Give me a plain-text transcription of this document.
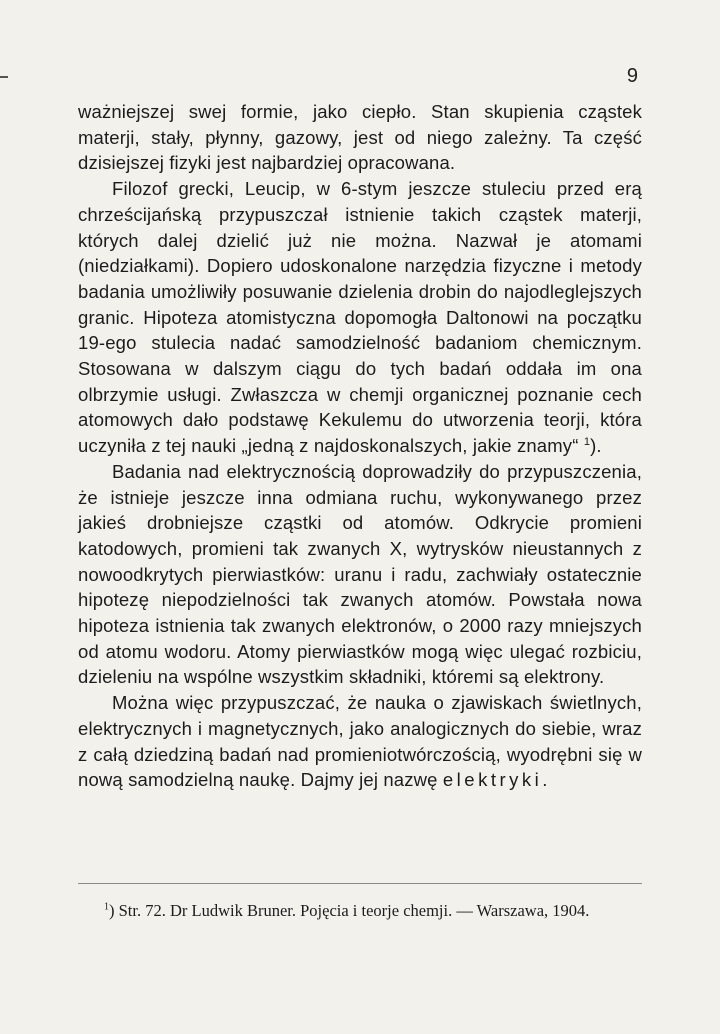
9

ważniejszej swej formie, jako ciepło. Stan skupienia cząstek materji, stały, płynny, gazowy, jest od niego zależny. Ta część dzisiejszej fizyki jest najbardziej opracowana.

Filozof grecki, Leucip, w 6-stym jeszcze stuleciu przed erą chrześcijańską przypuszczał istnienie takich cząstek materji, których dalej dzielić już nie można. Nazwał je atomami (niedziałkami). Dopiero udoskonalone narzędzia fizyczne i metody badania umożliwiły posuwanie dzielenia drobin do najodleglejszych granic. Hipoteza atomistyczna dopomogła Daltonowi na początku 19-ego stulecia nadać samodzielność badaniom chemicznym. Stosowana w dalszym ciągu do tych badań oddała im ona olbrzymie usługi. Zwłaszcza w chemji organicznej poznanie cech atomowych dało podstawę Kekulemu do utworzenia teorji, która uczyniła z tej nauki „jedną z najdoskonalszych, jakie znamy“ $^1$).

Badania nad elektrycznością doprowadziły do przypuszczenia, że istnieje jeszcze inna odmiana ruchu, wykonywanego przez jakieś drobniejsze cząstki od atomów. Odkrycie promieni katodowych, promieni tak zwanych X, wytrysków nieustannych z nowoodkrytych pierwiastków: uranu i radu, zachwiały ostatecznie hipotezę niepodzielności tak zwanych atomów. Powstała nowa hipoteza istnienia tak zwanych elektronów, o 2000 razy mniejszych od atomu wodoru. Atomy pierwiastków mogą więc ulegać rozbiciu, dzieleniu na wspólne wszystkim składniki, któremi są elektrony.

Można więc przypuszczać, że nauka o zjawiskach świetlnych, elektrycznych i magnetycznych, jako analogicznych do siebie, wraz z całą dziedziną badań nad promieniotwórczością, wyodrębni się w nową samodzielną naukę. Dajmy jej nazwę elektryki.

$^1$) Str. 72. Dr Ludwik Bruner. Pojęcia i teorje chemji. — Warszawa, 1904.
